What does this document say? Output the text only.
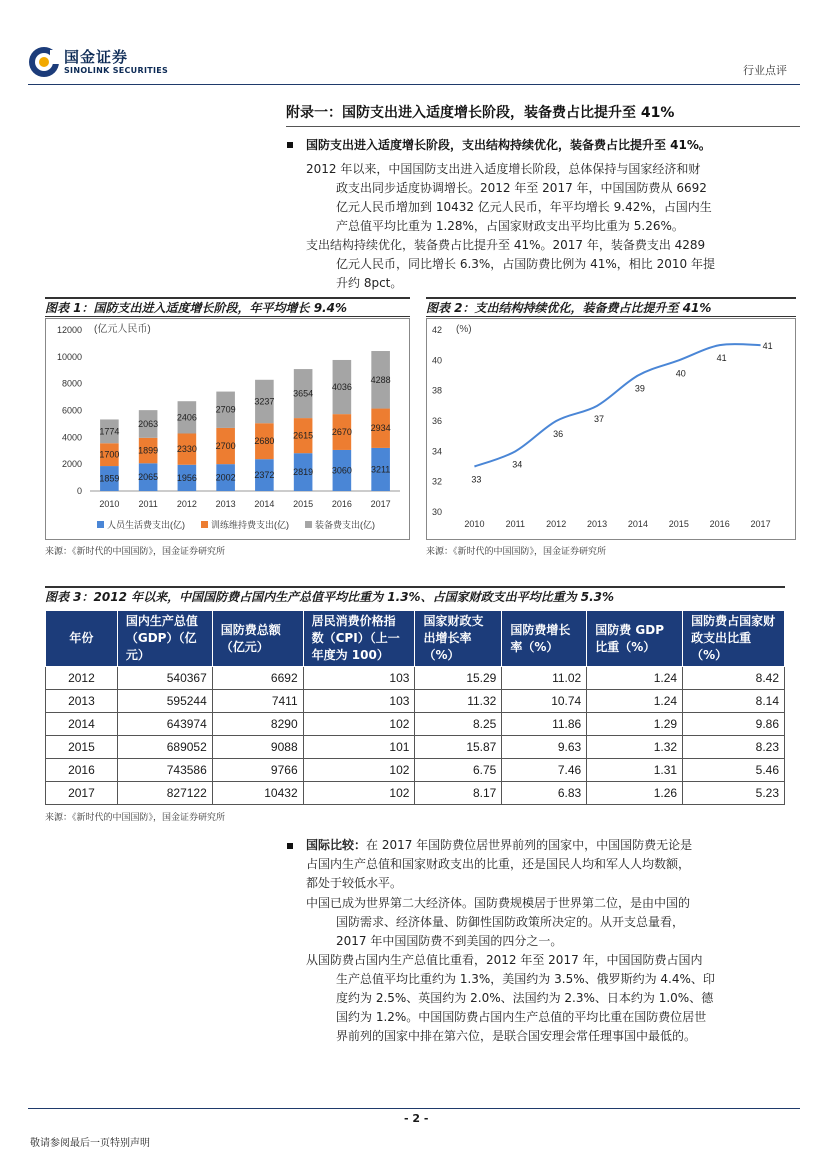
国金证券
SINOLINK SECURITIES	行业点评
附录一：国防支出进入适度增长阶段，装备费占比提升至 41%
国防支出进入适度增长阶段，支出结构持续优化，装备费占比提升至 41%。
2012 年以来，中国国防支出进入适度增长阶段，总体保持与国家经济和财
政支出同步适度协调增长。2012 年至 2017 年，中国国防费从 6692
亿元人民币增加到 10432 亿元人民币，年平均增长 9.42%，占国内生
产总值平均比重为 1.28%，占国家财政支出平均比重为 5.26%。
支出结构持续优化，装备费占比提升至 41%。2017 年，装备费支出 4289
亿元人民币，同比增长 6.3%，占国防费比例为 41%，相比 2010 年提
升约 8pct。
图表 1：国防支出进入适度增长阶段，年平均增长 9.4%
(亿元人民币)
0
2000
4000
6000
8000
10000
12000
1859
1700
1774
2010
2065
1899
2063
2011
1956
2330
2406
2012
2002
2700
2709
2013
2372
2680
3237
2014
2819
2615
3654
2015
3060
2670
4036
2016
3211
2934
4288
2017
人员生活费支出(亿)	训练维持费支出(亿)	装备费支出(亿)
来源：《新时代的中国国防》，国金证券研究所
图表 2：支出结构持续优化，装备费占比提升至 41%
(%)
30
32
34
36
38
40
42
33
2010
34
2011
36
2012
37
2013
39
2014
40
2015
41
2016
41
2017
来源：《新时代的中国国防》，国金证券研究所
图表 3：2012 年以来，中国国防费占国内生产总值平均比重为 1.3%、占国家财政支出平均比重为 5.3%
年份	国内生产总值（GDP）（亿元）	国防费总额（亿元）	居民消费价格指数（CPI）（上一年度为 100）	国家财政支出增长率（%）	国防费增长率（%）	国防费 GDP 比重（%）	国防费占国家财政支出比重（%）
2012	540367	6692	103	15.29	11.02	1.24	8.42
2013	595244	7411	103	11.32	10.74	1.24	8.14
2014	643974	8290	102	8.25	11.86	1.29	9.86
2015	689052	9088	101	15.87	9.63	1.32	8.23
2016	743586	9766	102	6.75	7.46	1.31	5.46
2017	827122	10432	102	8.17	6.83	1.26	5.23
来源：《新时代的中国国防》，国金证券研究所
国际比较：在 2017 年国防费位居世界前列的国家中，中国国防费无论是
占国内生产总值和国家财政支出的比重，还是国民人均和军人人均数额，
都处于较低水平。
中国已成为世界第二大经济体。国防费规模居于世界第二位，是由中国的
国防需求、经济体量、防御性国防政策所决定的。从开支总量看，
2017 年中国国防费不到美国的四分之一。
从国防费占国内生产总值比重看，2012 年至 2017 年，中国国防费占国内
生产总值平均比重约为 1.3%，美国约为 3.5%、俄罗斯约为 4.4%、印
度约为 2.5%、英国约为 2.0%、法国约为 2.3%、日本约为 1.0%、德
国约为 1.2%。中国国防费占国内生产总值的平均比重在国防费位居世
界前列的国家中排在第六位，是联合国安理会常任理事国中最低的。
- 2 -
敬请参阅最后一页特别声明
